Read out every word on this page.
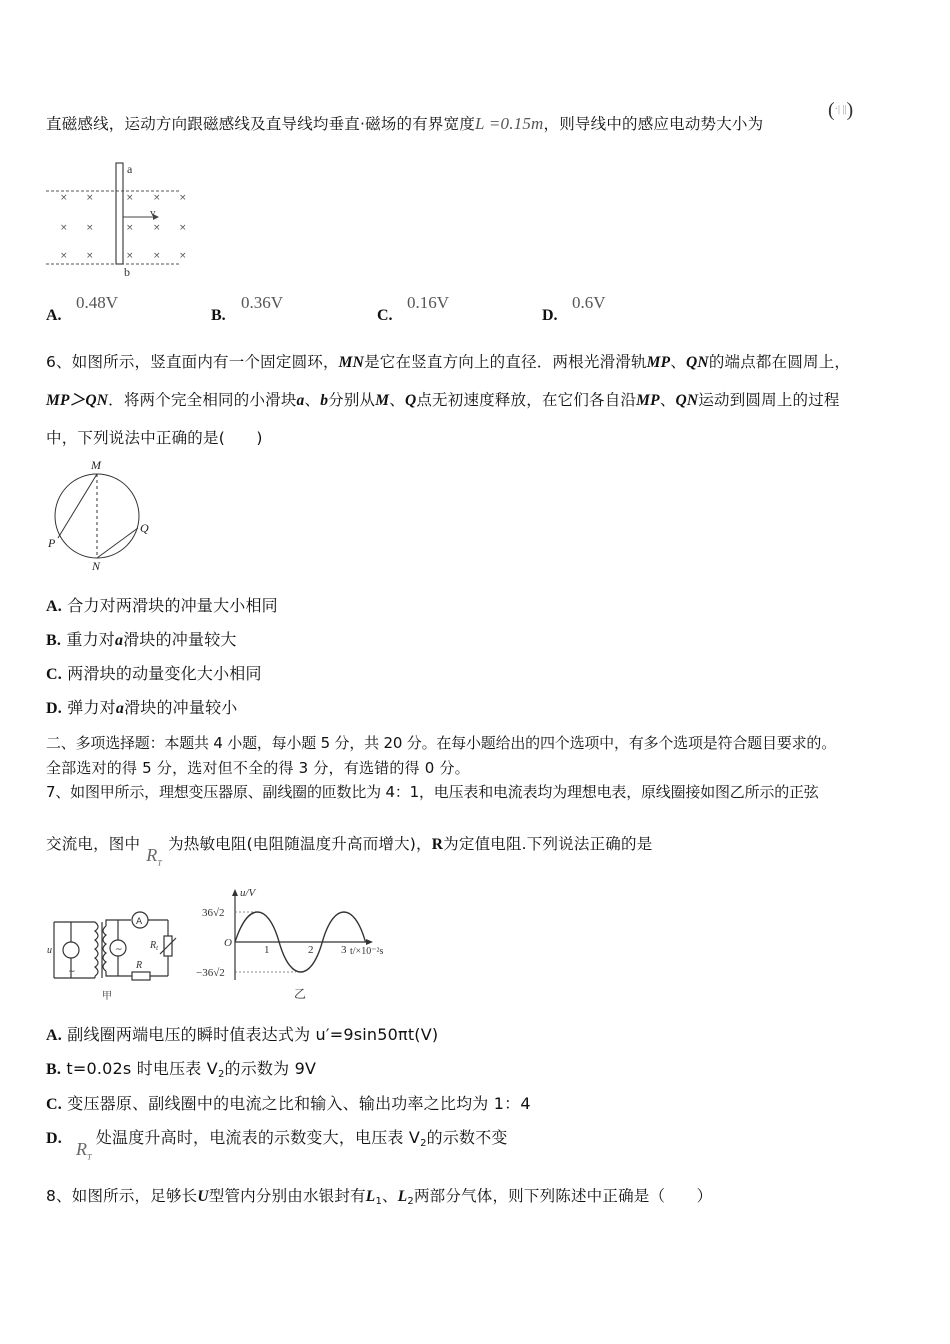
直磁感线，运动方向跟磁感线及直导线均垂直·磁场的有界宽度L =0.15m，则导线中的感应电动势大小为
(·| ||)
× ×	× × ×
× ×	× × ×
× ×	× × ×
a
b
v
A.
0.48V
B.
0.36V
C.
0.16V
D.
0.6V
6、如图所示，竖直面内有一个固定圆环，MN是它在竖直方向上的直径．两根光滑滑轨MP、QN的端点都在圆周上，
MP＞QN．将两个完全相同的小滑块a、b分别从M、Q点无初速度释放，在它们各自沿MP、QN运动到圆周上的过程
中，下列说法中正确的是(　　)
M
N
P
Q
A. 合力对两滑块的冲量大小相同
B. 重力对a滑块的冲量较大
C. 两滑块的动量变化大小相同
D. 弹力对a滑块的冲量较小
二、多项选择题：本题共 4 小题，每小题 5 分，共 20 分。在每小题给出的四个选项中，有多个选项是符合题目要求的。
全部选对的得 5 分，选对但不全的得 3 分，有选错的得 0 分。
7、如图甲所示，理想变压器原、副线圈的匝数比为 4：1，电压表和电流表均为理想电表，原线圈接如图乙所示的正弦
交流电，图中$R_T$为热敏电阻(电阻随温度升高而增大)，R为定值电阻.下列说法正确的是
u
R
$R_t$
~
~
A
甲
u/V
36√2
O
−36√2
1	2	3 t/×10⁻²s
乙
A. 副线圈两端电压的瞬时值表达式为 u′=9sin50πt(V)
B. t=0.02s 时电压表 $V_2$的示数为 9V
C. 变压器原、副线圈中的电流之比和输入、输出功率之比均为 1：4
$D.R_T$处温度升高时，电流表的示数变大，电压表 $V_2$的示数不变
8、如图所示，足够长U型管内分别由水银封有$L_1$、$L_2$两部分气体，则下列陈述中正确是（　　）
